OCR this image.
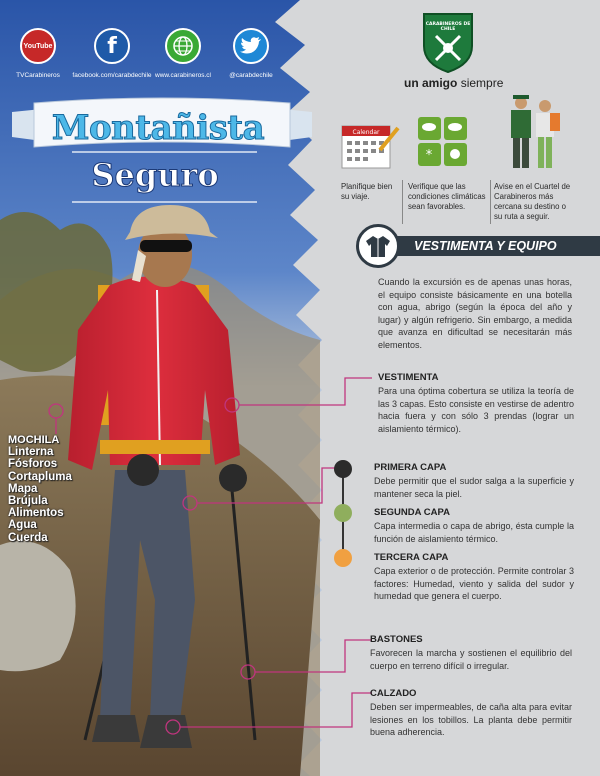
YouTube
TVCarabineros
f
facebook.com/carabdechile www.carabineros.cl	@carabdechile
Montañista
Seguro
MOCHILA
Linterna
Fósforos
Cortapluma
Mapa
Brújula
Alimentos
Agua
Cuerda
CARABINEROS DE
CHILE
un amigo siempre
Calendar
*
Planifique bien su viaje.
Verifique que las condiciones climáticas sean favorables.
Avise en el Cuartel de Carabineros más cercana su destino o su ruta a seguir.
VESTIMENTA Y EQUIPO
Cuando la excursión es de apenas unas horas, el equipo consiste básicamente en una botella con agua, abrigo (según la época del año y lugar) y algún refrigerio. Sin embargo, a medida que avanza en dificultad se necesitarán más elementos.
VESTIMENTA
Para una óptima cobertura se utiliza la teoría de las 3 capas. Esto consiste en vestirse de adentro hacia fuera y con sólo 3 prendas (lograr un aislamiento térmico).
PRIMERA CAPA
Debe permitir que el sudor salga a la superficie y mantener seca la piel.
SEGUNDA CAPA
Capa intermedia o capa de abrigo, ésta cumple la función de aislamiento térmico.
TERCERA CAPA
Capa exterior o de protección. Permite controlar 3 factores: Humedad, viento y salida del sudor y humedad que genera el cuerpo.
BASTONES
Favorecen la marcha y sostienen el equilibrio del cuerpo en terreno difícil o irregular.
CALZADO
Deben ser impermeables, de caña alta para evitar lesiones en los tobillos. La planta debe permitir buena adherencia.
